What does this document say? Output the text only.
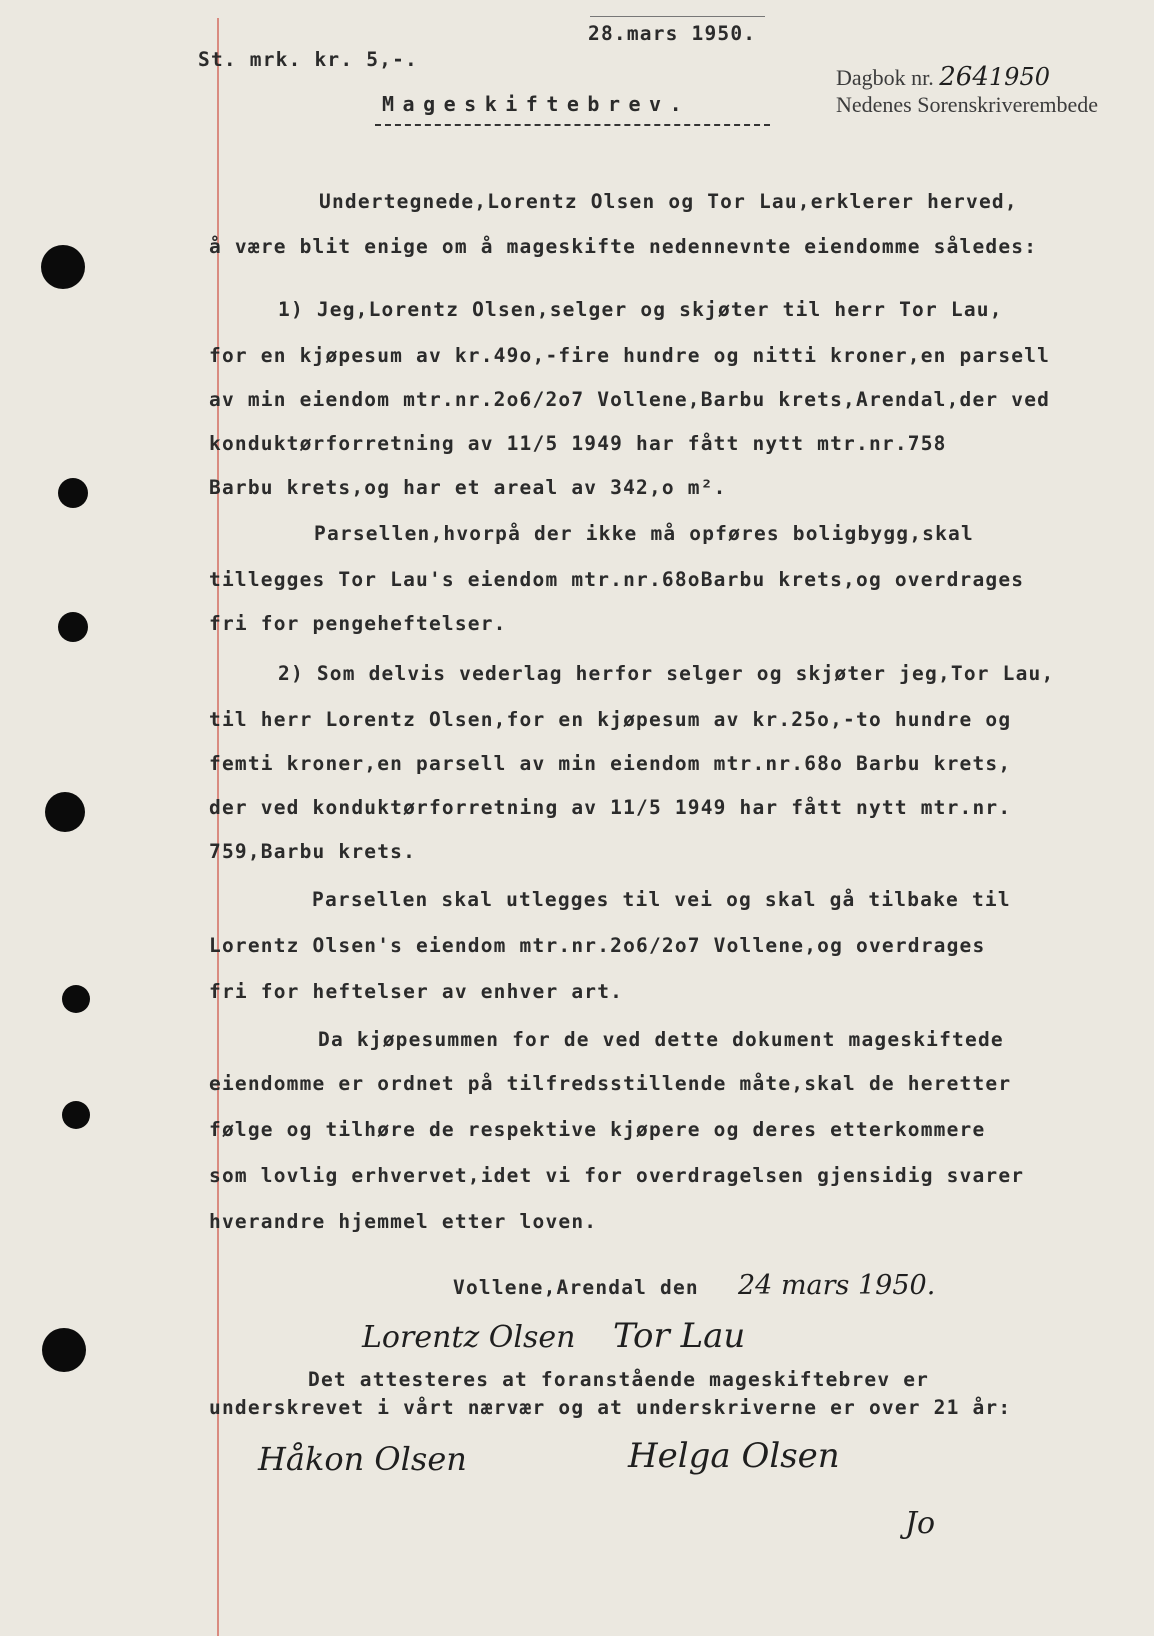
St. mrk. kr. 5,-.
28.mars 1950.
Dagbok nr. 2641950
Nedenes Sorenskriverembede
Mageskiftebrev.
Undertegnede,Lorentz Olsen og Tor Lau,erklerer herved,
å være blit enige om å mageskifte nedennevnte eiendomme således:
1) Jeg,Lorentz Olsen,selger og skjøter til herr Tor Lau,
for en kjøpesum av kr.49o,-fire hundre og nitti kroner,en parsell
av min eiendom mtr.nr.2o6/2o7 Vollene,Barbu krets,Arendal,der ved
konduktørforretning av 11/5 1949 har fått nytt mtr.nr.758
Barbu krets,og har et areal av 342,o m².
Parsellen,hvorpå der ikke må opføres boligbygg,skal
tillegges Tor Lau's eiendom mtr.nr.68oBarbu krets,og overdrages
fri for pengeheftelser.
2) Som delvis vederlag herfor selger og skjøter jeg,Tor Lau,
til herr Lorentz Olsen,for en kjøpesum av kr.25o,-to hundre og
femti kroner,en parsell av min eiendom mtr.nr.68o Barbu krets,
der ved konduktørforretning av 11/5 1949 har fått nytt mtr.nr.
759,Barbu krets.
Parsellen skal utlegges til vei og skal gå tilbake til
Lorentz Olsen's eiendom mtr.nr.2o6/2o7 Vollene,og overdrages
fri for heftelser av enhver art.
Da kjøpesummen for de ved dette dokument mageskiftede
eiendomme er ordnet på tilfredsstillende måte,skal de heretter
følge og tilhøre de respektive kjøpere og deres etterkommere
som lovlig erhvervet,idet vi for overdragelsen gjensidig svarer
hverandre hjemmel etter loven.
Vollene,Arendal den 24 mars 1950.
Lorentz Olsen Tor Lau
Det attesteres at foranstående mageskiftebrev er
underskrevet i vårt nærvær og at underskriverne er over 21 år:
Håkon Olsen	Helga Olsen
Jo
